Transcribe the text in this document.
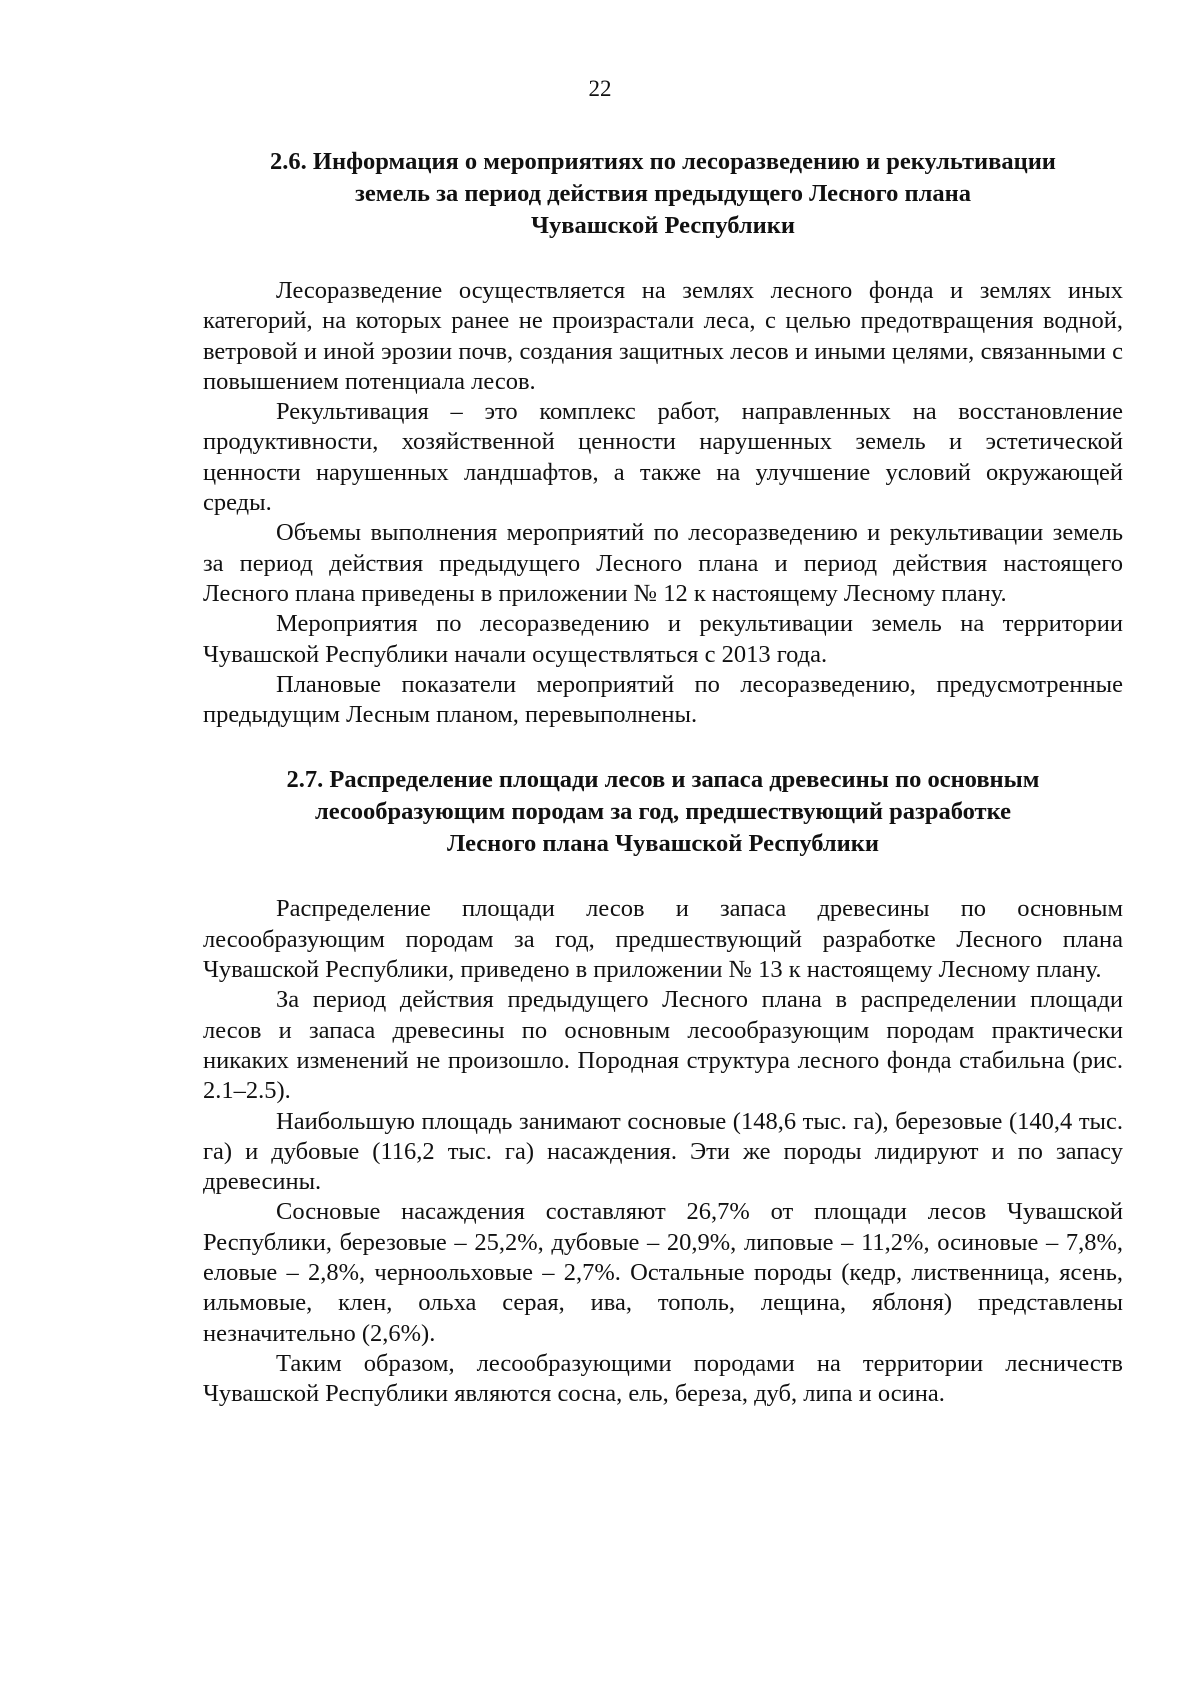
22
2.6. Информация о мероприятиях по лесоразведению и рекультивации
земель за период действия предыдущего Лесного плана
Чувашской Республики

Лесоразведение осуществляется на землях лесного фонда и землях иных категорий, на которых ранее не произрастали леса, с целью предотвращения водной, ветровой и иной эрозии почв, создания защитных лесов и иными целями, связанными с повышением потенциала лесов.

Рекультивация – это комплекс работ, направленных на восстановление продуктивности, хозяйственной ценности нарушенных земель и эстетической ценности нарушенных ландшафтов, а также на улучшение условий окружающей среды.

Объемы выполнения мероприятий по лесоразведению и рекультивации земель за период действия предыдущего Лесного плана и период действия настоящего Лесного плана приведены в приложении № 12 к настоящему Лесному плану.

Мероприятия по лесоразведению и рекультивации земель на территории Чувашской Республики начали осуществляться с 2013 года.

Плановые показатели мероприятий по лесоразведению, предусмотренные предыдущим Лесным планом, перевыполнены.

2.7. Распределение площади лесов и запаса древесины по основным
лесообразующим породам за год, предшествующий разработке
Лесного плана Чувашской Республики

Распределение площади лесов и запаса древесины по основным лесообразующим породам за год, предшествующий разработке Лесного плана Чувашской Республики, приведено в приложении № 13 к настоящему Лесному плану.

За период действия предыдущего Лесного плана в распределении площади лесов и запаса древесины по основным лесообразующим породам практически никаких изменений не произошло. Породная структура лесного фонда стабильна (рис. 2.1–2.5).

Наибольшую площадь занимают сосновые (148,6 тыс. га), березовые (140,4 тыс. га) и дубовые (116,2 тыс. га) насаждения. Эти же породы лидируют и по запасу древесины.

Сосновые насаждения составляют 26,7% от площади лесов Чувашской Республики, березовые – 25,2%, дубовые – 20,9%, липовые – 11,2%, осиновые – 7,8%, еловые – 2,8%, черноольховые – 2,7%. Остальные породы (кедр, лиственница, ясень, ильмовые, клен, ольха серая, ива, тополь, лещина, яблоня) представлены незначительно (2,6%).

Таким образом, лесообразующими породами на территории лесничеств Чувашской Республики являются сосна, ель, береза, дуб, липа и осина.
